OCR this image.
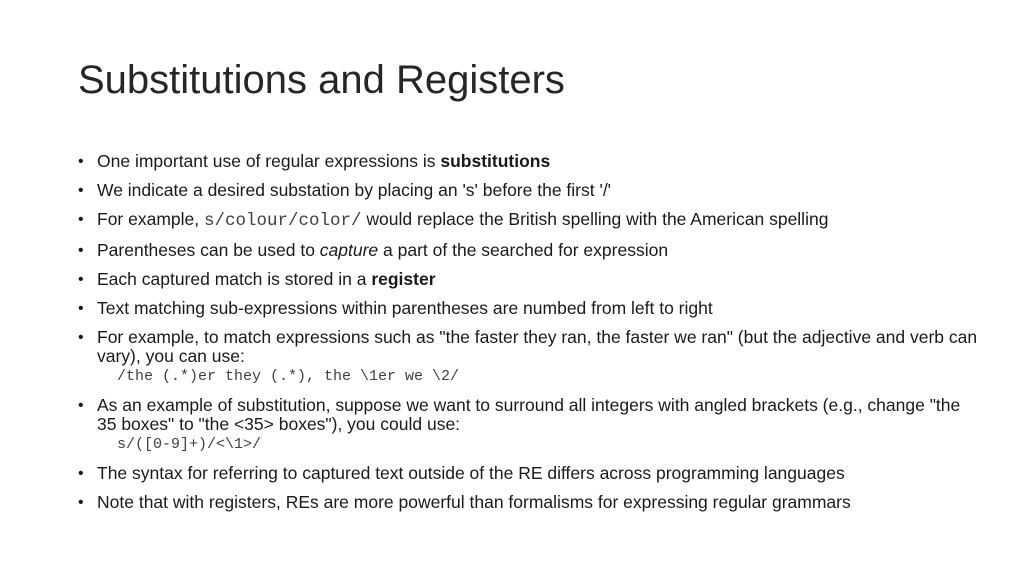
Substitutions and Registers
• One important use of regular expressions is substitutions
• We indicate a desired substation by placing an 's' before the first '/'
• For example, s/colour/color/ would replace the British spelling with the American spelling
• Parentheses can be used to capture a part of the searched for expression
• Each captured match is stored in a register
• Text matching sub-expressions within parentheses are numbed from left to right
• For example, to match expressions such as "the faster they ran, the faster we ran" (but the adjective and verb can vary), you can use:
/the (.*)er they (.*), the \1er we \2/
• As an example of substitution, suppose we want to surround all integers with angled brackets (e.g., change "the 35 boxes" to "the <35> boxes"), you could use:
s/([0-9]+)/<\1>/
• The syntax for referring to captured text outside of the RE differs across programming languages
• Note that with registers, REs are more powerful than formalisms for expressing regular grammars
